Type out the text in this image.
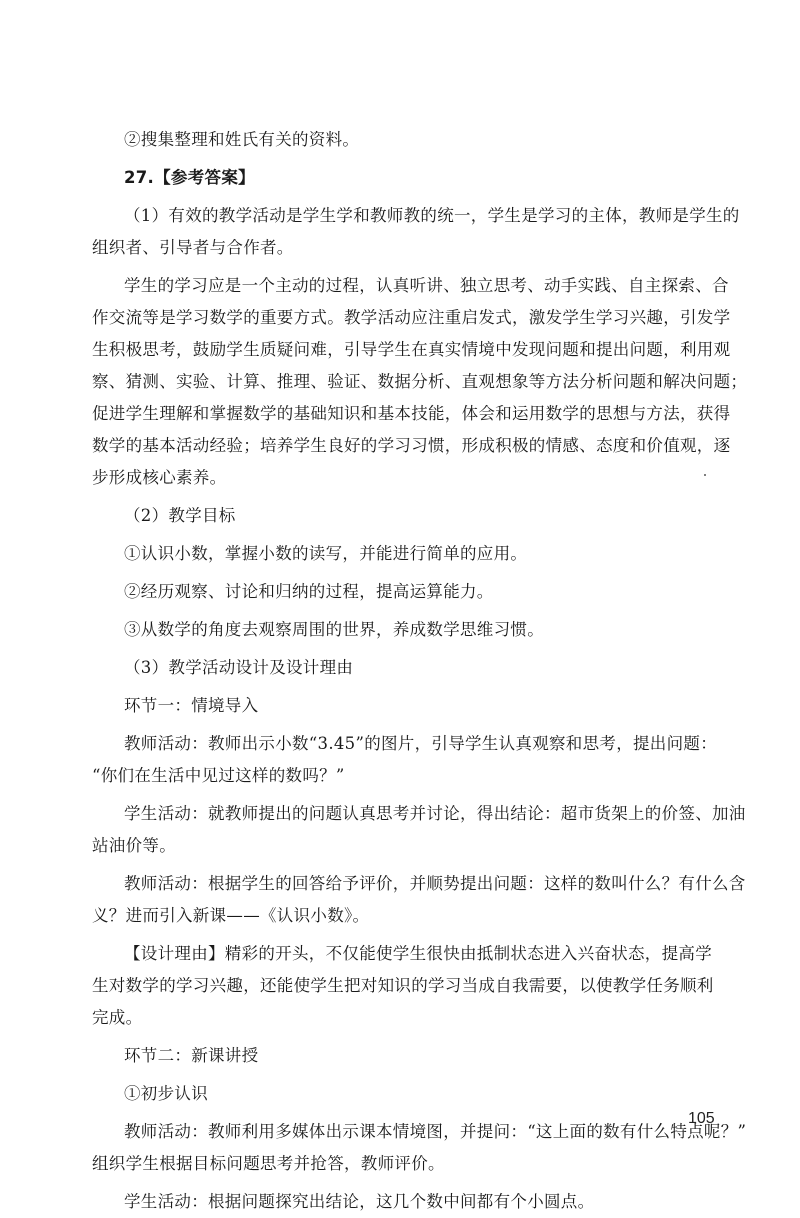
②搜集整理和姓氏有关的资料。
27.【参考答案】
（1）有效的教学活动是学生学和教师教的统一，学生是学习的主体，教师是学生的
组织者、引导者与合作者。
学生的学习应是一个主动的过程，认真听讲、独立思考、动手实践、自主探索、合
作交流等是学习数学的重要方式。教学活动应注重启发式，激发学生学习兴趣，引发学
生积极思考，鼓励学生质疑问难，引导学生在真实情境中发现问题和提出问题，利用观
察、猜测、实验、计算、推理、验证、数据分析、直观想象等方法分析问题和解决问题；
促进学生理解和掌握数学的基础知识和基本技能，体会和运用数学的思想与方法，获得
数学的基本活动经验；培养学生良好的学习习惯，形成积极的情感、态度和价值观，逐
步形成核心素养。
（2）教学目标
①认识小数，掌握小数的读写，并能进行简单的应用。
②经历观察、讨论和归纳的过程，提高运算能力。
③从数学的角度去观察周围的世界，养成数学思维习惯。
（3）教学活动设计及设计理由
环节一：情境导入
教师活动：教师出示小数“3.45”的图片，引导学生认真观察和思考，提出问题：
“你们在生活中见过这样的数吗？”
学生活动：就教师提出的问题认真思考并讨论，得出结论：超市货架上的价签、加油
站油价等。
教师活动：根据学生的回答给予评价，并顺势提出问题：这样的数叫什么？有什么含
义？进而引入新课——《认识小数》。
【设计理由】精彩的开头，不仅能使学生很快由抵制状态进入兴奋状态，提高学
生对数学的学习兴趣，还能使学生把对知识的学习当成自我需要，以使教学任务顺利
完成。
环节二：新课讲授
①初步认识
教师活动：教师利用多媒体出示课本情境图，并提问：“这上面的数有什么特点呢？”
组织学生根据目标问题思考并抢答，教师评价。
学生活动：根据问题探究出结论，这几个数中间都有个小圆点。
105
